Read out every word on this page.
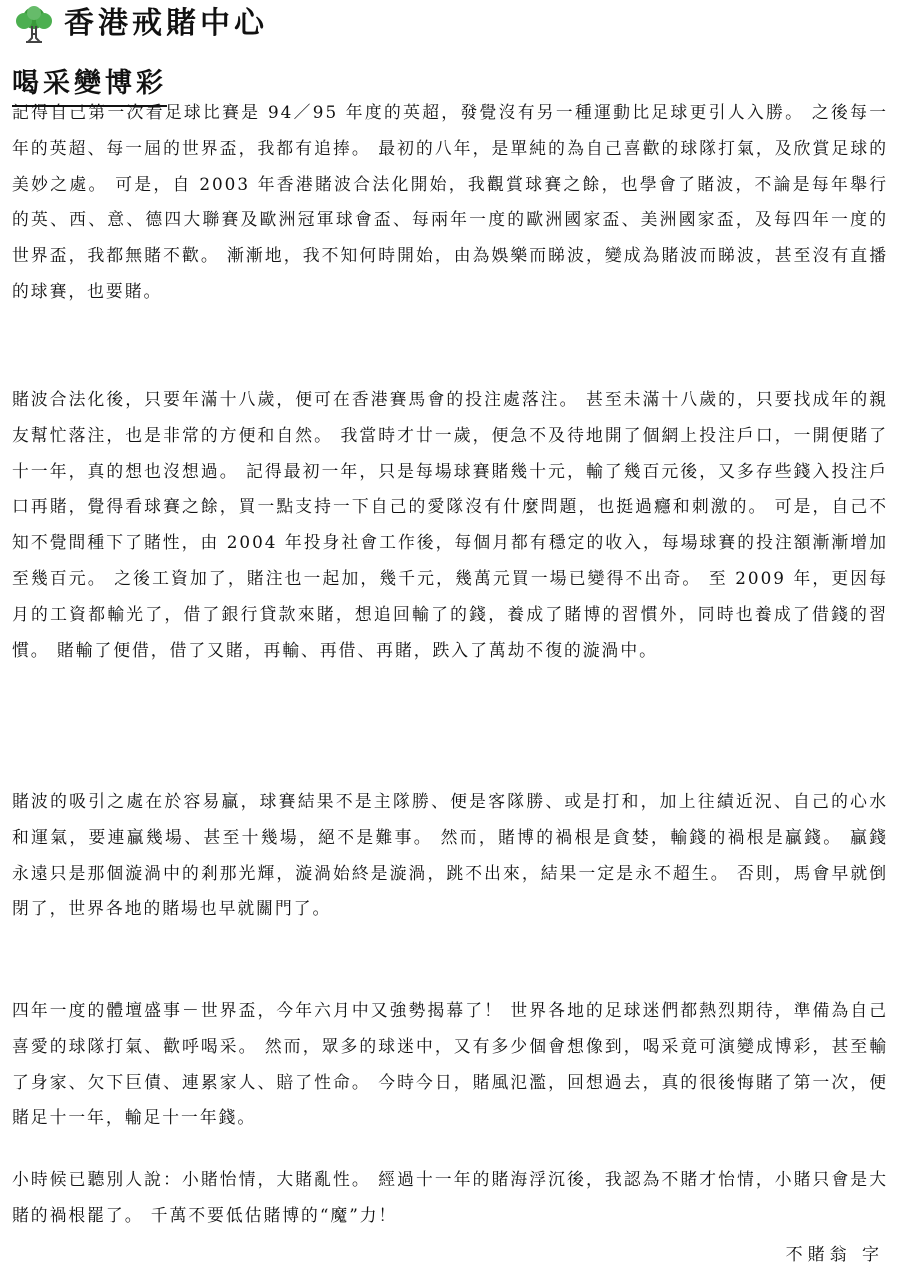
香港戒賭中心
喝采變博彩

記得自己第一次看足球比賽是 94／95 年度的英超，發覺沒有另一種運動比足球更引人入勝。 之後每一年的英超、每一屆的世界盃，我都有追捧。 最初的八年，是單純的為自己喜歡的球隊打氣，及欣賞足球的美妙之處。 可是，自 2003 年香港賭波合法化開始，我觀賞球賽之餘，也學會了賭波，不論是每年舉行的英、西、意、德四大聯賽及歐洲冠軍球會盃、每兩年一度的歐洲國家盃、美洲國家盃，及每四年一度的世界盃，我都無賭不歡。 漸漸地，我不知何時開始，由為娛樂而睇波，變成為賭波而睇波，甚至沒有直播的球賽，也要賭。

賭波合法化後，只要年滿十八歲，便可在香港賽馬會的投注處落注。 甚至未滿十八歲的，只要找成年的親友幫忙落注，也是非常的方便和自然。 我當時才廿一歲，便急不及待地開了個網上投注戶口，一開便賭了十一年，真的想也沒想過。 記得最初一年，只是每場球賽賭幾十元，輸了幾百元後，又多存些錢入投注戶口再賭，覺得看球賽之餘，買一點支持一下自己的愛隊沒有什麼問題，也挺過癮和刺激的。 可是，自己不知不覺間種下了賭性，由 2004 年投身社會工作後，每個月都有穩定的收入，每場球賽的投注額漸漸增加至幾百元。 之後工資加了，賭注也一起加，幾千元，幾萬元買一場已變得不出奇。 至 2009 年，更因每月的工資都輸光了，借了銀行貸款來賭，想追回輸了的錢，養成了賭博的習慣外，同時也養成了借錢的習慣。 賭輸了便借，借了又賭，再輸、再借、再賭，跌入了萬劫不復的漩渦中。

賭波的吸引之處在於容易贏，球賽結果不是主隊勝、便是客隊勝、或是打和，加上往績近況、自己的心水和運氣，要連贏幾場、甚至十幾場，絕不是難事。 然而，賭博的禍根是貪婪，輸錢的禍根是贏錢。 贏錢永遠只是那個漩渦中的剎那光輝，漩渦始終是漩渦，跳不出來，結果一定是永不超生。 否則，馬會早就倒閉了，世界各地的賭場也早就關門了。

四年一度的體壇盛事－世界盃，今年六月中又強勢揭幕了！ 世界各地的足球迷們都熱烈期待，準備為自己喜愛的球隊打氣、歡呼喝采。 然而，眾多的球迷中，又有多少個會想像到，喝采竟可演變成博彩，甚至輸了身家、欠下巨債、連累家人、賠了性命。 今時今日，賭風氾濫，回想過去，真的很後悔賭了第一次，便賭足十一年，輸足十一年錢。

小時候已聽別人說：小賭怡情，大賭亂性。 經過十一年的賭海浮沉後，我認為不賭才怡情，小賭只會是大賭的禍根罷了。 千萬不要低估賭博的“魔”力！

不賭翁 字
